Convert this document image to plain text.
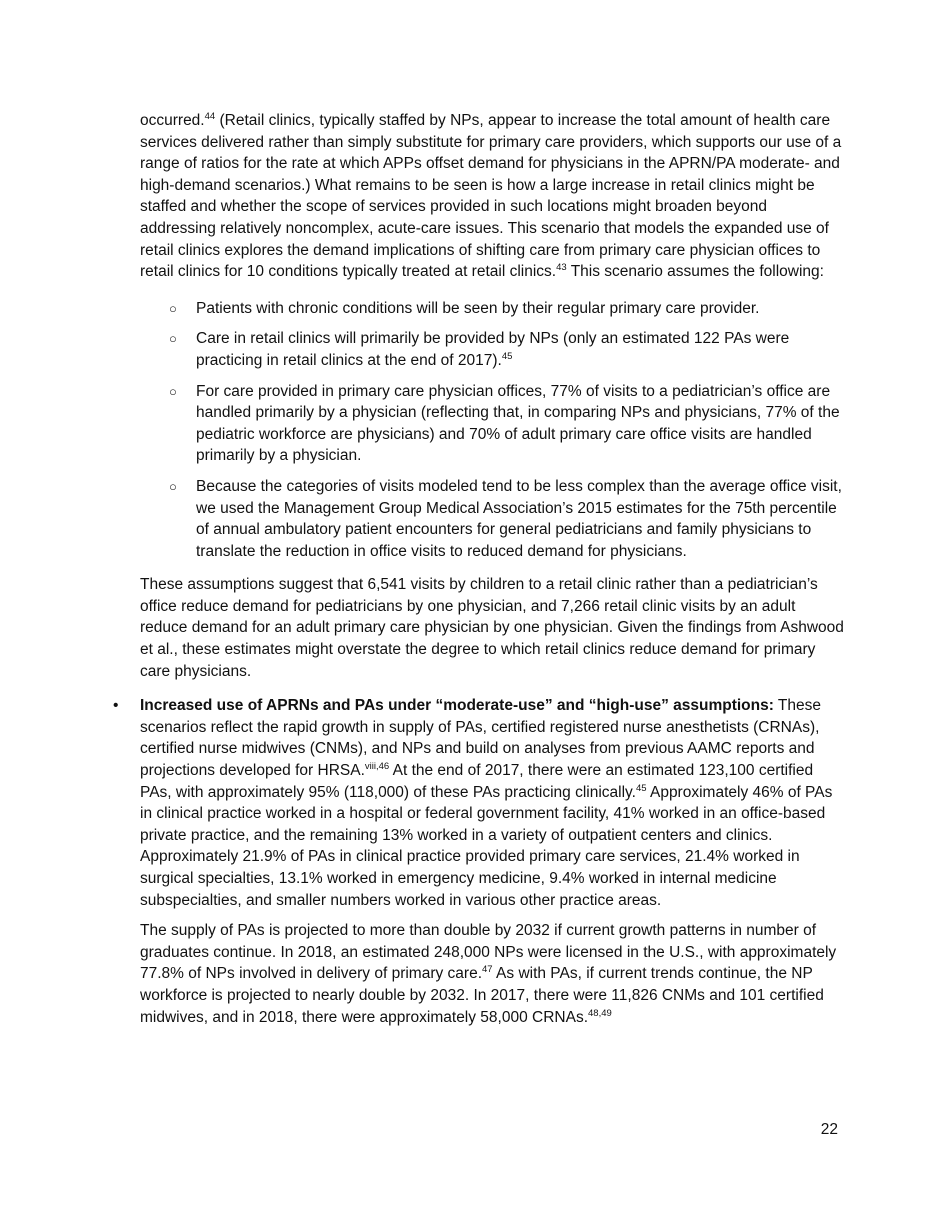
occurred.$^{44}$ (Retail clinics, typically staffed by NPs, appear to increase the total amount of health care services delivered rather than simply substitute for primary care providers, which supports our use of a range of ratios for the rate at which APPs offset demand for physicians in the APRN/PA moderate- and high-demand scenarios.) What remains to be seen is how a large increase in retail clinics might be staffed and whether the scope of services provided in such locations might broaden beyond addressing relatively noncomplex, acute-care issues. This scenario that models the expanded use of retail clinics explores the demand implications of shifting care from primary care physician offices to retail clinics for 10 conditions typically treated at retail clinics.$^{43}$ This scenario assumes the following:

○ Patients with chronic conditions will be seen by their regular primary care provider.
○ Care in retail clinics will primarily be provided by NPs (only an estimated 122 PAs were practicing in retail clinics at the end of 2017).$^{45}$
○ For care provided in primary care physician offices, 77% of visits to a pediatrician’s office are handled primarily by a physician (reflecting that, in comparing NPs and physicians, 77% of the pediatric workforce are physicians) and 70% of adult primary care office visits are handled primarily by a physician.
○ Because the categories of visits modeled tend to be less complex than the average office visit, we used the Management Group Medical Association’s 2015 estimates for the 75th percentile of annual ambulatory patient encounters for general pediatricians and family physicians to translate the reduction in office visits to reduced demand for physicians.

These assumptions suggest that 6,541 visits by children to a retail clinic rather than a pediatrician’s office reduce demand for pediatricians by one physician, and 7,266 retail clinic visits by an adult reduce demand for an adult primary care physician by one physician. Given the findings from Ashwood et al., these estimates might overstate the degree to which retail clinics reduce demand for primary care physicians.

• Increased use of APRNs and PAs under “moderate-use” and “high-use” assumptions: These scenarios reflect the rapid growth in supply of PAs, certified registered nurse anesthetists (CRNAs), certified nurse midwives (CNMs), and NPs and build on analyses from previous AAMC reports and projections developed for HRSA.$^{viii,46}$ At the end of 2017, there were an estimated 123,100 certified PAs, with approximately 95% (118,000) of these PAs practicing clinically.$^{45}$ Approximately 46% of PAs in clinical practice worked in a hospital or federal government facility, 41% worked in an office-based private practice, and the remaining 13% worked in a variety of outpatient centers and clinics. Approximately 21.9% of PAs in clinical practice provided primary care services, 21.4% worked in surgical specialties, 13.1% worked in emergency medicine, 9.4% worked in internal medicine subspecialties, and smaller numbers worked in various other practice areas.

The supply of PAs is projected to more than double by 2032 if current growth patterns in number of graduates continue. In 2018, an estimated 248,000 NPs were licensed in the U.S., with approximately 77.8% of NPs involved in delivery of primary care.$^{47}$ As with PAs, if current trends continue, the NP workforce is projected to nearly double by 2032. In 2017, there were 11,826 CNMs and 101 certified midwives, and in 2018, there were approximately 58,000 CRNAs.$^{48,49}$

22
